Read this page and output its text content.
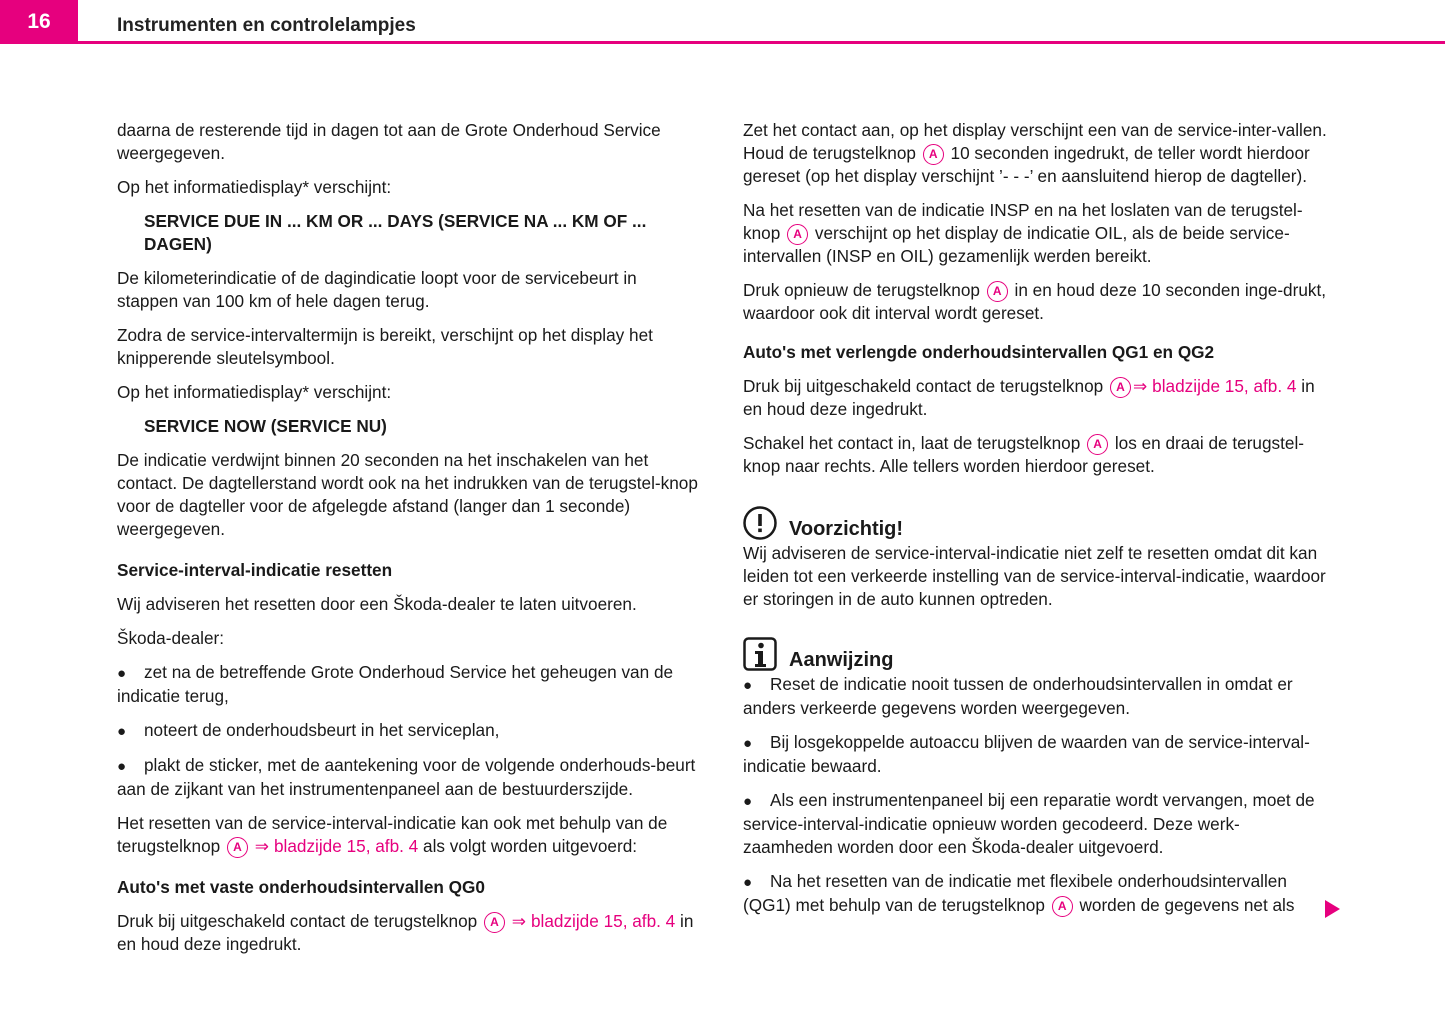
16	Instrumenten en controlelampjes

daarna de resterende tijd in dagen tot aan de Grote Onderhoud Service weergegeven.

Op het informatiedisplay* verschijnt:

SERVICE DUE IN ... KM OR ... DAYS (SERVICE NA ... KM OF ... DAGEN)

De kilometerindicatie of de dagindicatie loopt voor de servicebeurt in stappen van 100 km of hele dagen terug.

Zodra de service-intervaltermijn is bereikt, verschijnt op het display het knipperende sleutelsymbool.

Op het informatiedisplay* verschijnt:

SERVICE NOW (SERVICE NU)

De indicatie verdwijnt binnen 20 seconden na het inschakelen van het contact. De dagtellerstand wordt ook na het indrukken van de terugstel-knop voor de dagteller voor de afgelegde afstand (langer dan 1 seconde) weergegeven.

Service-interval-indicatie resetten

Wij adviseren het resetten door een Škoda-dealer te laten uitvoeren.

Škoda-dealer:

● zet na de betreffende Grote Onderhoud Service het geheugen van de indicatie terug,

● noteert de onderhoudsbeurt in het serviceplan,

● plakt de sticker, met de aantekening voor de volgende onderhouds-beurt aan de zijkant van het instrumentenpaneel aan de bestuurderszijde.

Het resetten van de service-interval-indicatie kan ook met behulp van de terugstelknop A ⇒ bladzijde 15, afb. 4 als volgt worden uitgevoerd:

Auto's met vaste onderhoudsintervallen QG0

Druk bij uitgeschakeld contact de terugstelknop A ⇒ bladzijde 15, afb. 4 in en houd deze ingedrukt.

Zet het contact aan, op het display verschijnt een van de service-inter-vallen. Houd de terugstelknop A 10 seconden ingedrukt, de teller wordt hierdoor gereset (op het display verschijnt ’- - -’ en aansluitend hierop de dagteller).

Na het resetten van de indicatie INSP en na het loslaten van de terugstel-knop A verschijnt op het display de indicatie OIL, als de beide service-intervallen (INSP en OIL) gezamenlijk werden bereikt.

Druk opnieuw de terugstelknop A in en houd deze 10 seconden inge-drukt, waardoor ook dit interval wordt gereset.

Auto's met verlengde onderhoudsintervallen QG1 en QG2

Druk bij uitgeschakeld contact de terugstelknop A ⇒ bladzijde 15, afb. 4 in en houd deze ingedrukt.

Schakel het contact in, laat de terugstelknop A los en draai de terugstel-knop naar rechts. Alle tellers worden hierdoor gereset.

Voorzichtig!

Wij adviseren de service-interval-indicatie niet zelf te resetten omdat dit kan leiden tot een verkeerde instelling van de service-interval-indicatie, waardoor er storingen in de auto kunnen optreden.

Aanwijzing

● Reset de indicatie nooit tussen de onderhoudsintervallen in omdat er anders verkeerde gegevens worden weergegeven.

● Bij losgekoppelde autoaccu blijven de waarden van de service-interval-indicatie bewaard.

● Als een instrumentenpaneel bij een reparatie wordt vervangen, moet de service-interval-indicatie opnieuw worden gecodeerd. Deze werk-zaamheden worden door een Škoda-dealer uitgevoerd.

● Na het resetten van de indicatie met flexibele onderhoudsintervallen (QG1) met behulp van de terugstelknop A worden de gegevens net als
